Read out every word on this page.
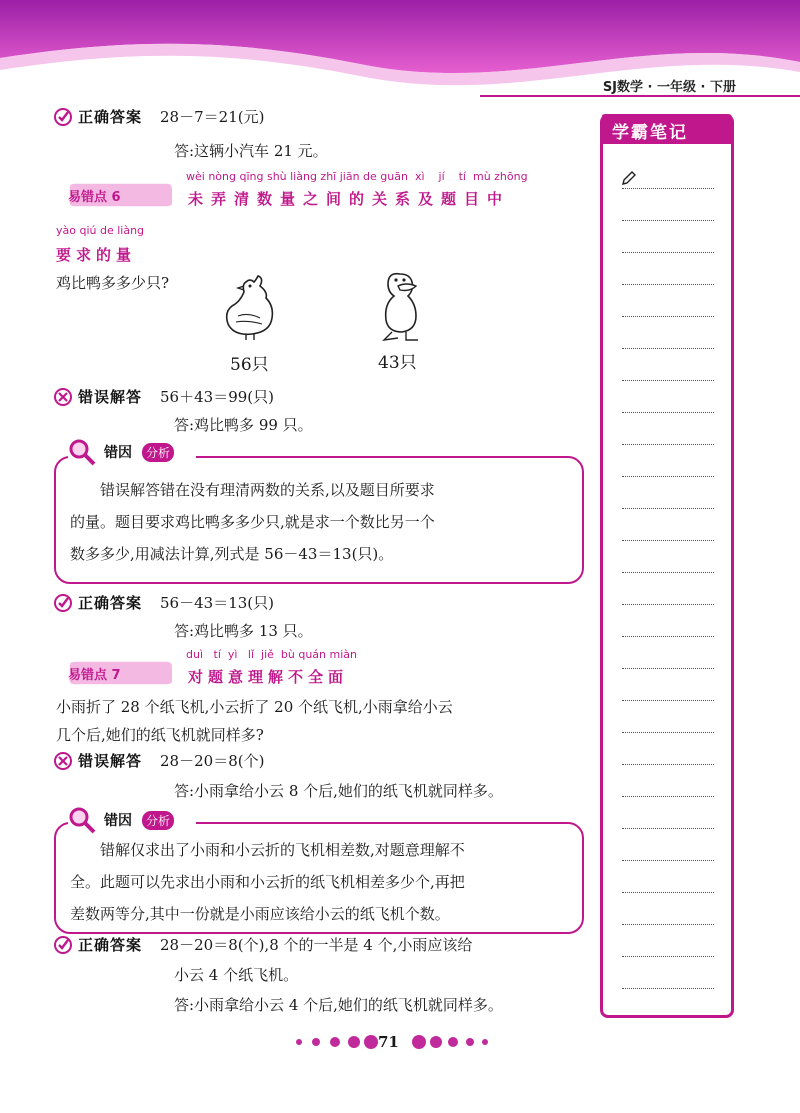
SJ数学 · 一年级 · 下册
学霸笔记
正确答案 28－7＝21(元)
答:这辆小汽车 21 元。
易错点 6
wèi nòng qīng shù liàng zhī jiān de guān  xì    jí    tí  mù zhōng
未弄清数量之间的关系及题目中
yào qiú de liàng
要求的量
鸡比鸭多多少只?
56只	43只
错误解答 56＋43＝99(只)
答:鸡比鸭多 99 只。
错误解答错在没有理清两数的关系,以及题目所要求
的量。题目要求鸡比鸭多多少只,就是求一个数比另一个
数多多少,用减法计算,列式是 56－43＝13(只)。
错因	分析
正确答案 56－43＝13(只)
答:鸡比鸭多 13 只。
易错点 7
duì   tí  yì   lǐ  jiě  bù quán miàn
对题意理解不全面
小雨折了 28 个纸飞机,小云折了 20 个纸飞机,小雨拿给小云
几个后,她们的纸飞机就同样多?
错误解答 28－20＝8(个)
答:小雨拿给小云 8 个后,她们的纸飞机就同样多。
错解仅求出了小雨和小云折的飞机相差数,对题意理解不
全。此题可以先求出小雨和小云折的纸飞机相差多少个,再把
差数两等分,其中一份就是小雨应该给小云的纸飞机个数。
错因	分析
正确答案 28－20＝8(个),8 个的一半是 4 个,小雨应该给
小云 4 个纸飞机。
答:小雨拿给小云 4 个后,她们的纸飞机就同样多。
71
